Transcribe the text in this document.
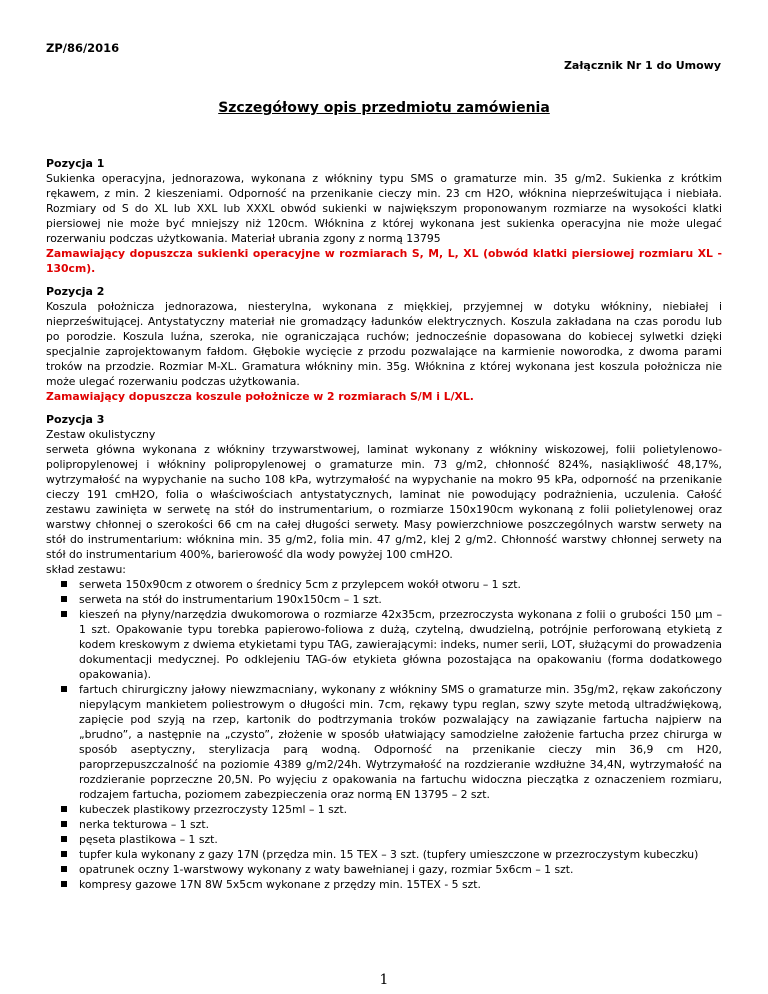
ZP/86/2016
Załącznik Nr 1 do Umowy
Szczegółowy opis przedmiotu zamówienia

Pozycja 1

Sukienka operacyjna, jednorazowa, wykonana z włókniny typu SMS o gramaturze min. 35 g/m2. Sukienka z krótkim rękawem, z min. 2 kieszeniami. Odporność na przenikanie cieczy min. 23 cm H2O, włóknina nieprześwitująca i niebiała. Rozmiary od S do XL lub XXL lub XXXL obwód sukienki w największym proponowanym rozmiarze na wysokości klatki piersiowej nie może być mniejszy niż 120cm. Włóknina z której wykonana jest sukienka operacyjna nie może ulegać rozerwaniu podczas użytkowania. Materiał ubrania zgony z normą 13795

Zamawiający dopuszcza sukienki operacyjne w rozmiarach S, M, L, XL (obwód klatki piersiowej rozmiaru XL - 130cm).

Pozycja 2

Koszula położnicza jednorazowa, niesterylna, wykonana z miękkiej, przyjemnej w dotyku włókniny, niebiałej i nieprześwitującej. Antystatyczny materiał nie gromadzący ładunków elektrycznych. Koszula zakładana na czas porodu lub po porodzie. Koszula luźna, szeroka, nie ograniczająca ruchów; jednocześnie dopasowana do kobiecej sylwetki dzięki specjalnie zaprojektowanym fałdom. Głębokie wycięcie z przodu pozwalające na karmienie noworodka, z dwoma parami troków na przodzie. Rozmiar M-XL. Gramatura włókniny min. 35g. Włóknina z której wykonana jest koszula położnicza nie może ulegać rozerwaniu podczas użytkowania.

Zamawiający dopuszcza koszule położnicze w 2 rozmiarach S/M i L/XL.

Pozycja 3

Zestaw okulistyczny

serweta główna wykonana z włókniny trzywarstwowej, laminat wykonany z włókniny wiskozowej, folii polietylenowo-polipropylenowej i włókniny polipropylenowej o gramaturze min. 73 g/m2, chłonność 824%, nasiąkliwość 48,17%, wytrzymałość na wypychanie na sucho 108 kPa, wytrzymałość na wypychanie na mokro 95 kPa, odporność na przenikanie cieczy 191 cmH2O, folia o właściwościach antystatycznych, laminat nie powodujący podrażnienia, uczulenia. Całość zestawu zawinięta w serwetę na stół do instrumentarium, o rozmiarze 150x190cm wykonaną z folii polietylenowej oraz warstwy chłonnej o szerokości 66 cm na całej długości serwety. Masy powierzchniowe poszczególnych warstw serwety na stół do instrumentarium: włóknina min. 35 g/m2, folia min. 47 g/m2, klej 2 g/m2. Chłonność warstwy chłonnej serwety na stół do instrumentarium 400%, barierowość dla wody powyżej 100 cmH2O.

skład zestawu:

serweta 150x90cm z otworem o średnicy 5cm z przylepcem wokół otworu – 1 szt.
serweta na stół do instrumentarium 190x150cm – 1 szt.
kieszeń na płyny/narzędzia dwukomorowa o rozmiarze 42x35cm, przezroczysta wykonana z folii o grubości 150 µm – 1 szt. Opakowanie typu torebka papierowo-foliowa z dużą, czytelną, dwudzielną, potrójnie perforowaną etykietą z kodem kreskowym z dwiema etykietami typu TAG, zawierającymi: indeks, numer serii, LOT, służącymi do prowadzenia dokumentacji medycznej. Po odklejeniu TAG-ów etykieta główna pozostająca na opakowaniu (forma dodatkowego opakowania).
fartuch chirurgiczny jałowy niewzmacniany, wykonany z włókniny SMS o gramaturze min. 35g/m2, rękaw zakończony niepylącym mankietem poliestrowym o długości min. 7cm, rękawy typu reglan, szwy szyte metodą ultradźwiękową, zapięcie pod szyją na rzep, kartonik do podtrzymania troków pozwalający na zawiązanie fartucha najpierw na „brudno”, a następnie na „czysto”, złożenie w sposób ułatwiający samodzielne założenie fartucha przez chirurga w sposób aseptyczny, sterylizacja parą wodną. Odporność na przenikanie cieczy min 36,9 cm H20, paroprzepuszczalność na poziomie 4389 g/m2/24h. Wytrzymałość na rozdzieranie wzdłużne 34,4N, wytrzymałość na rozdzieranie poprzeczne 20,5N. Po wyjęciu z opakowania na fartuchu widoczna pieczątka z oznaczeniem rozmiaru, rodzajem fartucha, poziomem zabezpieczenia oraz normą EN 13795 – 2 szt.
kubeczek plastikowy przezroczysty 125ml – 1 szt.
nerka tekturowa – 1 szt.
pęseta plastikowa – 1 szt.
tupfer kula wykonany z gazy 17N (przędza min. 15 TEX – 3 szt. (tupfery umieszczone w przezroczystym kubeczku)
opatrunek oczny 1-warstwowy wykonany z waty bawełnianej i gazy, rozmiar 5x6cm – 1 szt.
kompresy gazowe 17N 8W 5x5cm wykonane z przędzy min. 15TEX - 5 szt.
1
